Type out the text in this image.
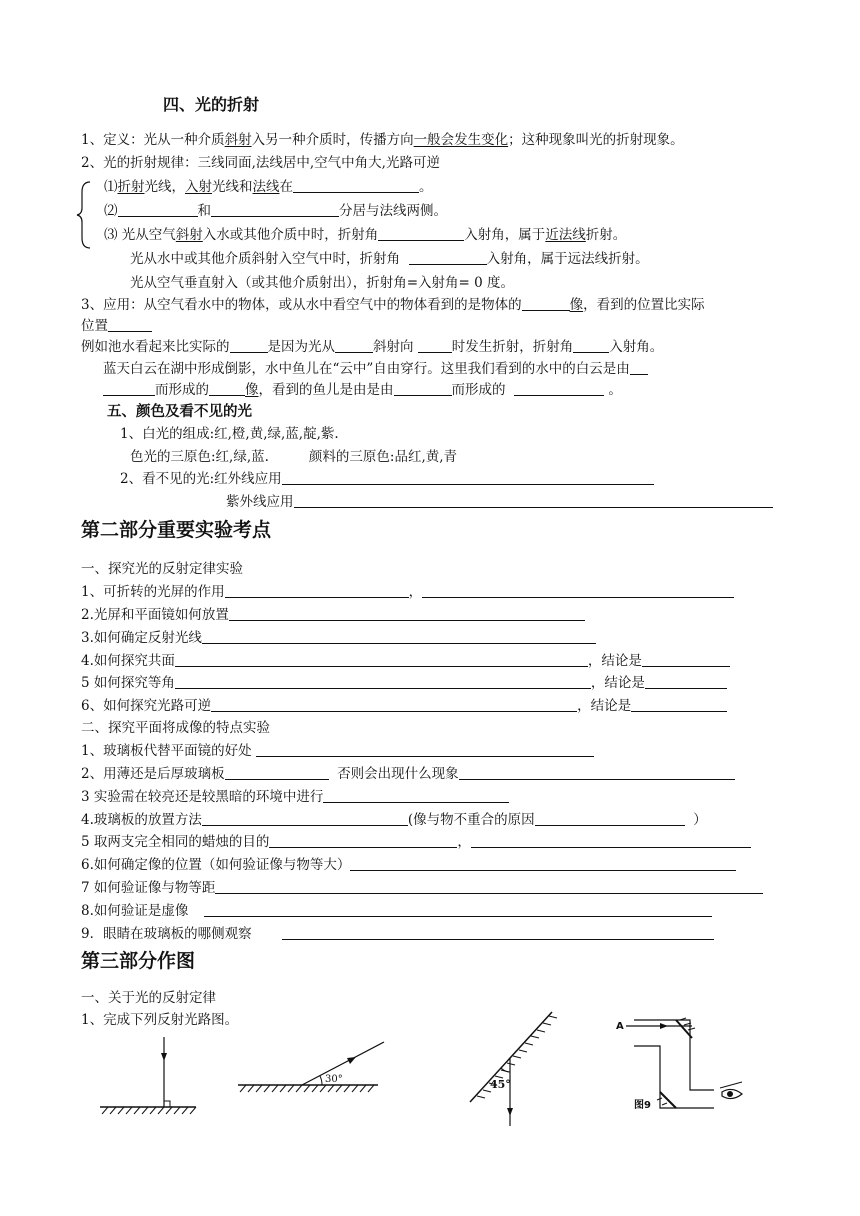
四、光的折射
1、定义：光从一种介质斜射入另一种介质时，传播方向一般会发生变化；这种现象叫光的折射现象。
2、光的折射规律：三线同面,法线居中,空气中角大,光路可逆
⑴折射光线，入射光线和法线在	。
⑵	和	分居与法线两侧。
⑶ 光从空气斜射入水或其他介质中时，折射角	入射角，属于近法线折射。
光从水中或其他介质斜射入空气中时，折射角	入射角，属于远法线折射。
光从空气垂直射入（或其他介质射出），折射角=入射角= 0 度。
3、应用：从空气看水中的物体，或从水中看空气中的物体看到的是物体的	像，看到的位置比实际
位置
例如池水看起来比实际的	是因为光从	斜射向	时发生折射，折射角	入射角。
蓝天白云在湖中形成倒影，水中鱼儿在“云中”自由穿行。这里我们看到的水中的白云是由
而形成的	像，看到的鱼儿是由是由	而形成的	。
五、颜色及看不见的光
1、白光的组成:红,橙,黄,绿,蓝,靛,紫.
色光的三原色:红,绿,蓝.	颜料的三原色:品红,黄,青
2、看不见的光:红外线应用
紫外线应用
第二部分重要实验考点
一、探究光的反射定律实验
1、可折转的光屏的作用	，
2.光屏和平面镜如何放置
3.如何确定反射光线
4.如何探究共面	，结论是
5 如何探究等角	，结论是
6、如何探究光路可逆	，结论是
二、探究平面将成像的特点实验
1、玻璃板代替平面镜的好处
2、用薄还是后厚玻璃板	否则会出现什么现象
3 实验需在较亮还是较黑暗的环境中进行
4.玻璃板的放置方法	(像与物不重合的原因	）
5 取两支完全相同的蜡烛的目的	，
6.如何确定像的位置（如何验证像与物等大）
7 如何验证像与物等距
8.如何验证是虚像
9．眼睛在玻璃板的哪侧观察
第三部分作图
一、关于光的反射定律
1、完成下列反射光路图。
30°	45°
A
图9
